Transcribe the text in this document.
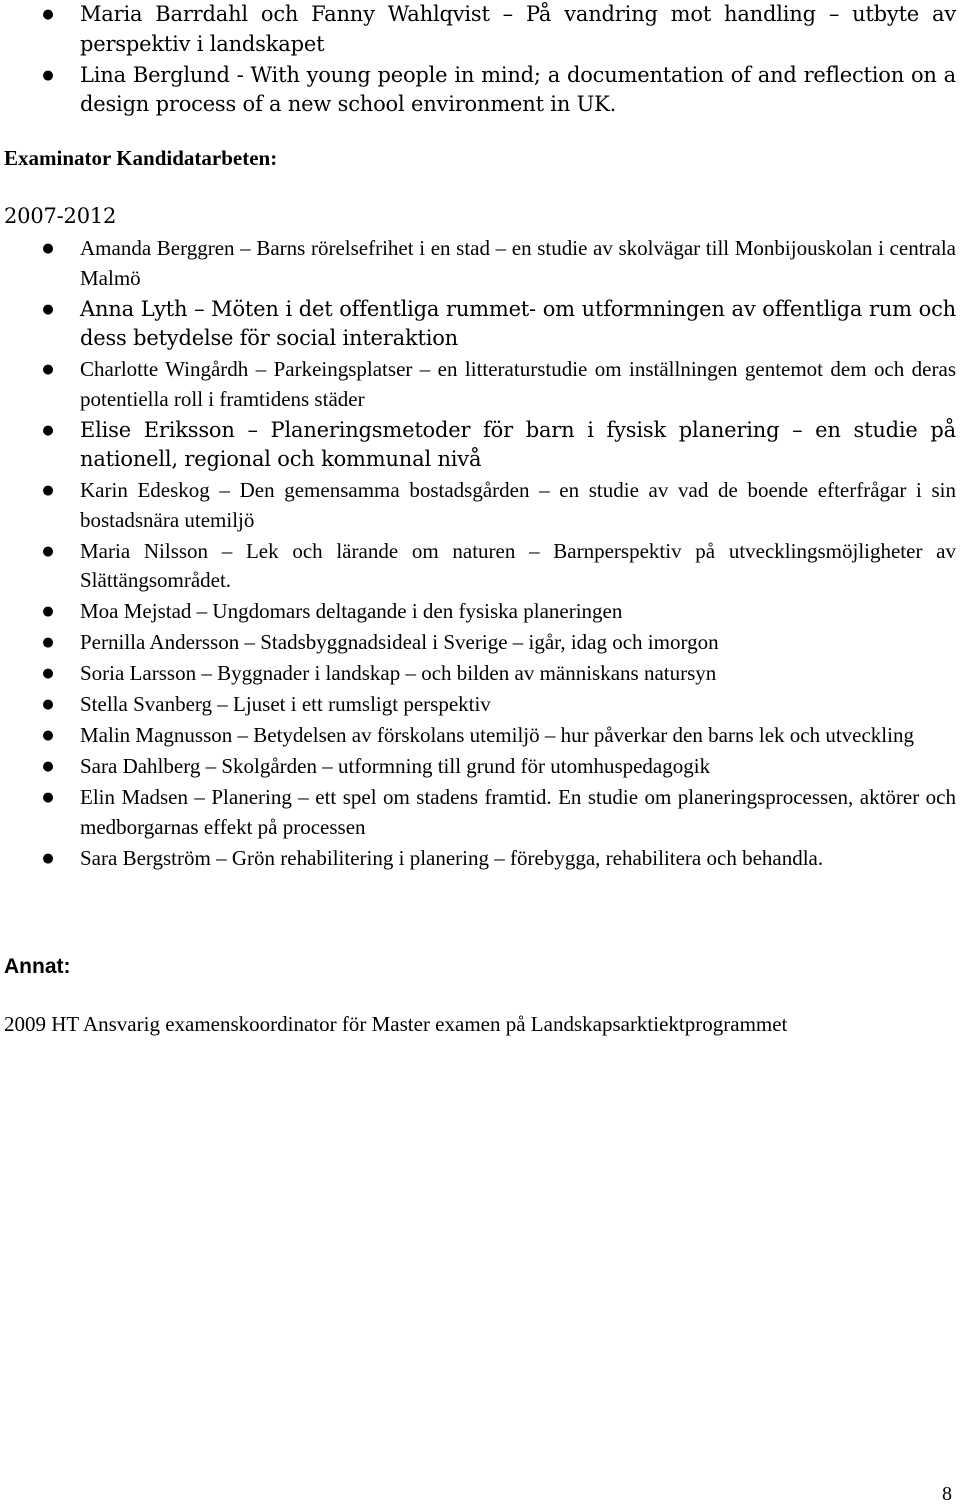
● Maria Barrdahl och Fanny Wahlqvist – På vandring mot handling – utbyte av perspektiv i landskapet
● Lina Berglund - With young people in mind; a documentation of and reflection on a design process of a new school environment in UK.

Examinator Kandidatarbeten:

2007-2012

● Amanda Berggren – Barns rörelsefrihet i en stad – en studie av skolvägar till Monbijouskolan i centrala Malmö
● Anna Lyth – Möten i det offentliga rummet- om utformningen av offentliga rum och dess betydelse för social interaktion
● Charlotte Wingårdh – Parkeingsplatser – en litteraturstudie om inställningen gentemot dem och deras potentiella roll i framtidens städer
● Elise Eriksson – Planeringsmetoder för barn i fysisk planering – en studie på nationell, regional och kommunal nivå
● Karin Edeskog – Den gemensamma bostadsgården – en studie av vad de boende efterfrågar i sin bostadsnära utemiljö
● Maria Nilsson – Lek och lärande om naturen – Barnperspektiv på utvecklingsmöjligheter av Slättängsområdet.
● Moa Mejstad – Ungdomars deltagande i den fysiska planeringen
● Pernilla Andersson – Stadsbyggnadsideal i Sverige – igår, idag och imorgon
● Soria Larsson – Byggnader i landskap – och bilden av människans natursyn
● Stella Svanberg – Ljuset i ett rumsligt perspektiv
● Malin Magnusson – Betydelsen av förskolans utemiljö – hur påverkar den barns lek och utveckling
● Sara Dahlberg – Skolgården – utformning till grund för utomhuspedagogik
● Elin Madsen – Planering – ett spel om stadens framtid. En studie om planeringsprocessen, aktörer och medborgarnas effekt på processen
● Sara Bergström – Grön rehabilitering i planering – förebygga, rehabilitera och behandla.

Annat:

2009 HT Ansvarig examenskoordinator för Master examen på Landskapsarktiektprogrammet

8
